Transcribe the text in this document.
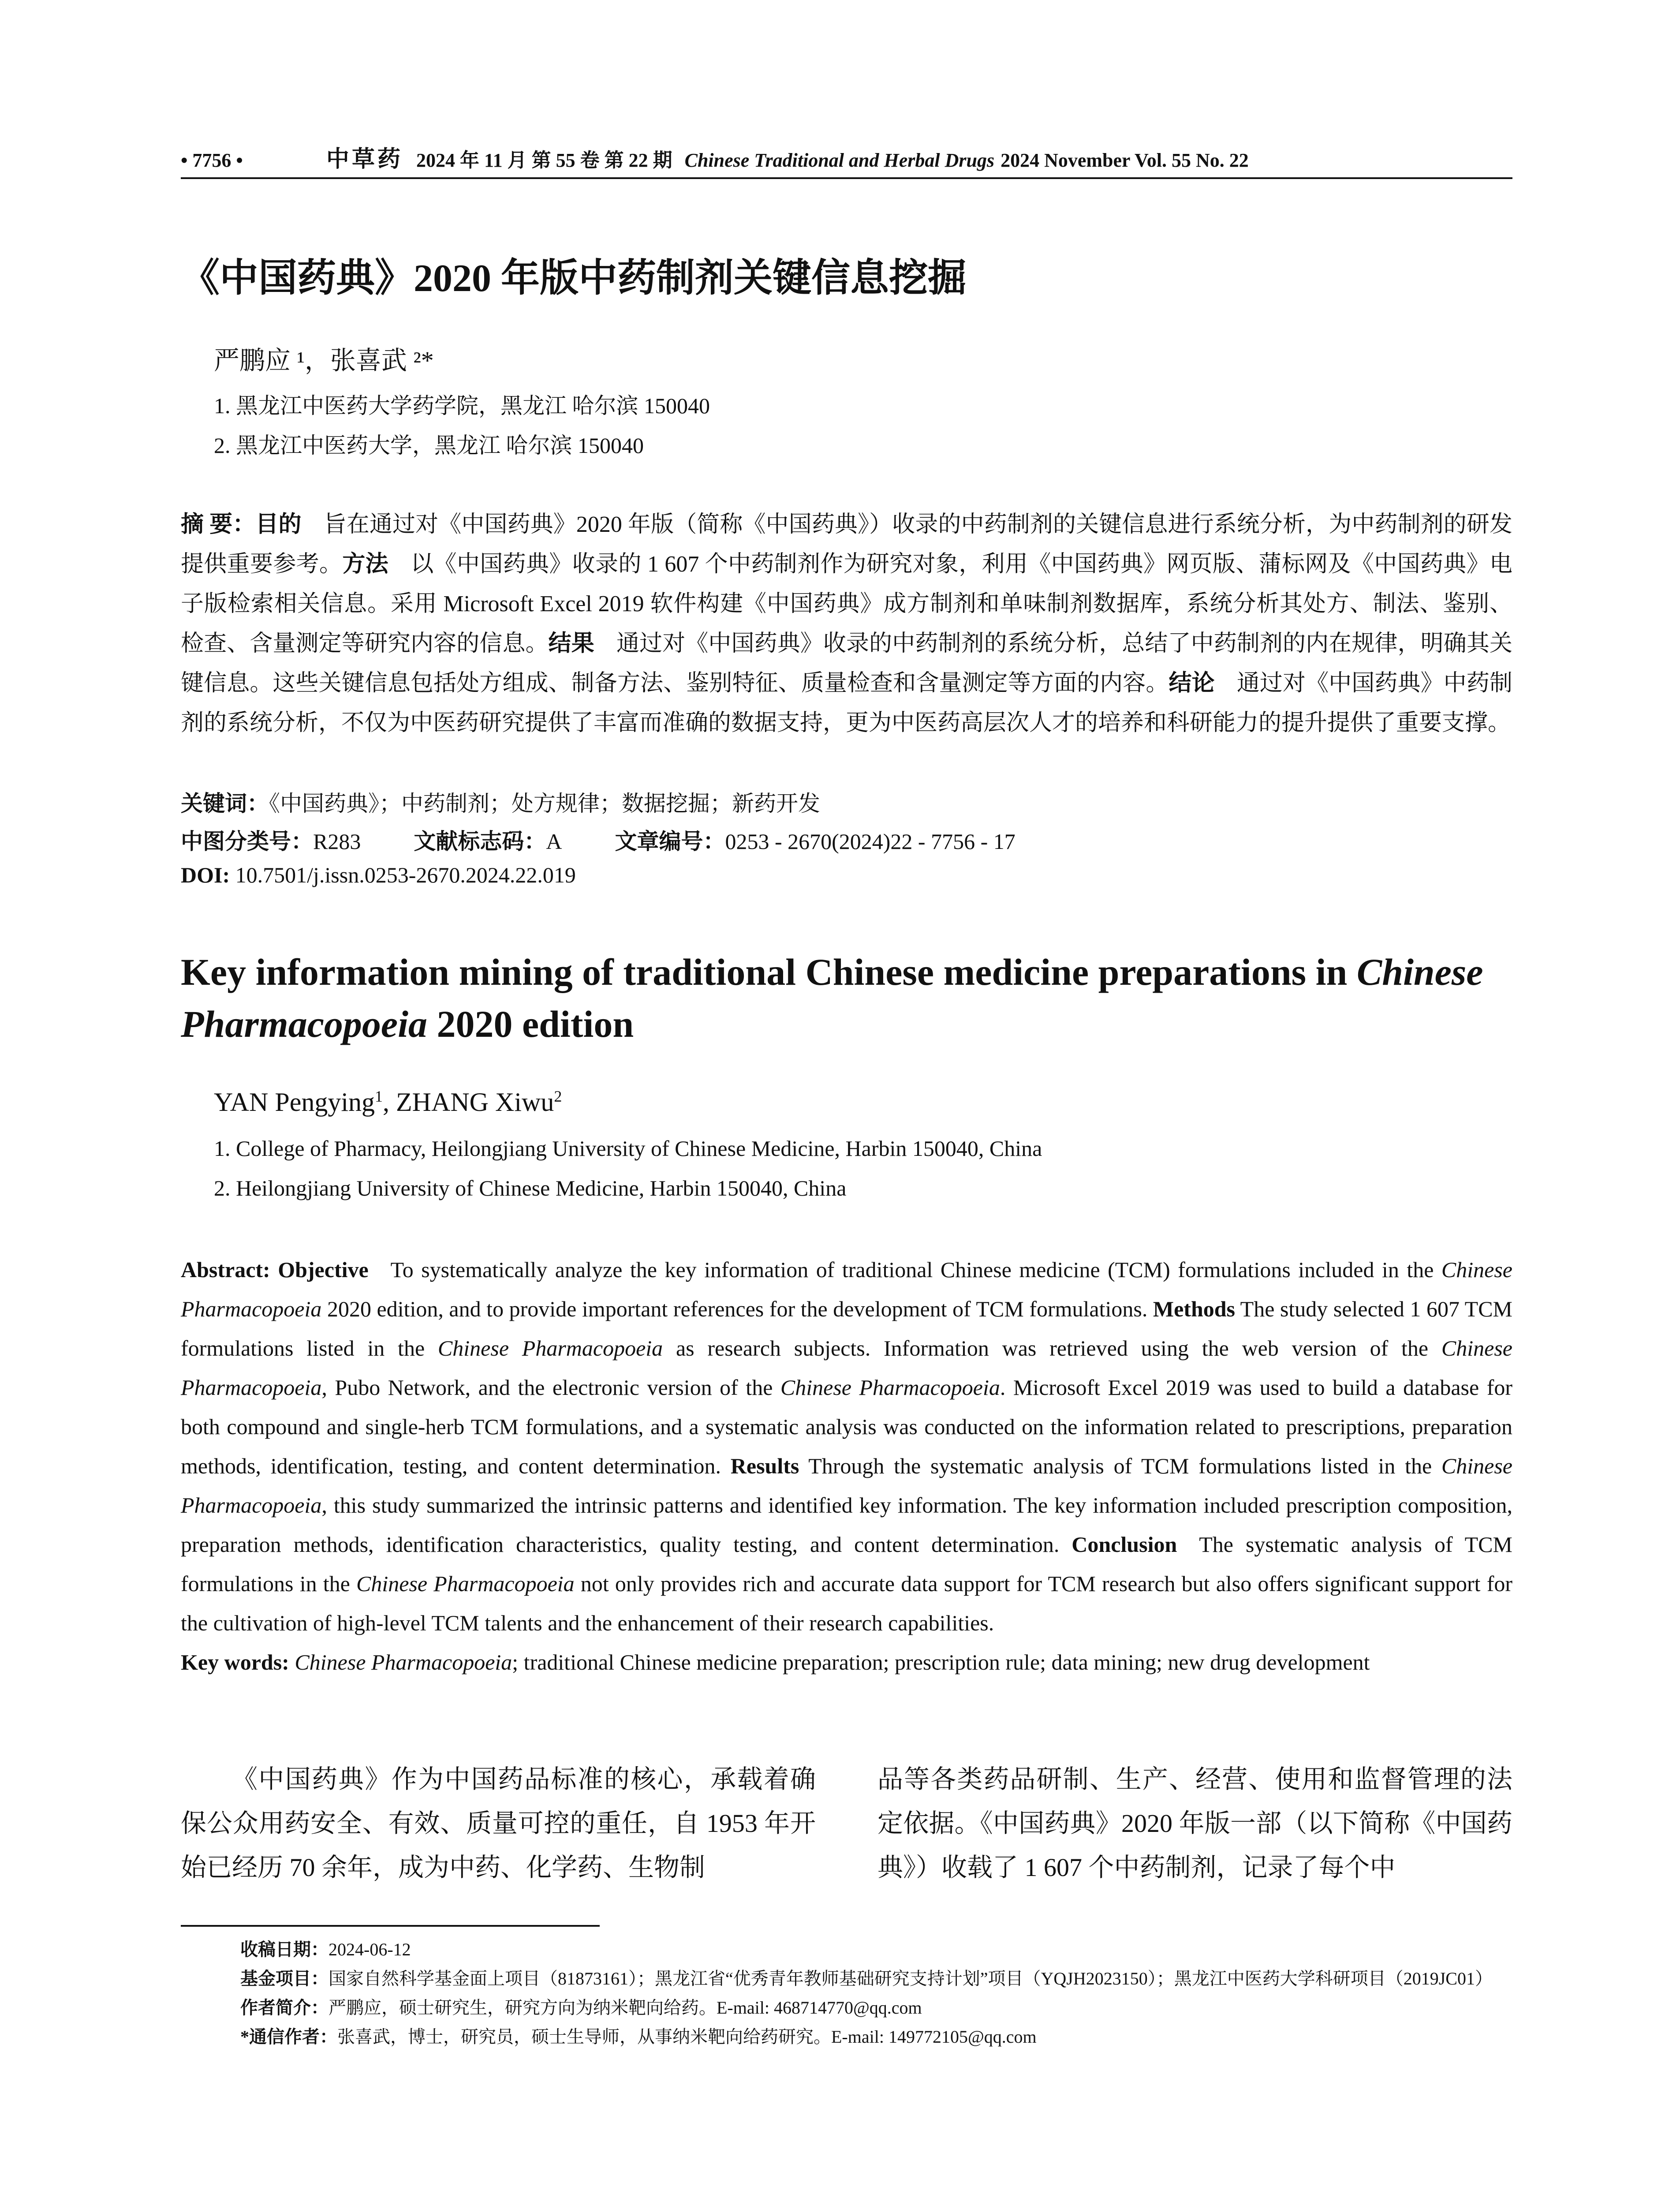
• 7756 •	中草药 2024 年 11 月 第 55 卷 第 22 期 Chinese Traditional and Herbal Drugs 2024 November Vol. 55 No. 22
《中国药典》2020 年版中药制剂关键信息挖掘
严鹏应 ¹，张喜武 ²*
1. 黑龙江中医药大学药学院，黑龙江 哈尔滨 150040
2. 黑龙江中医药大学，黑龙江 哈尔滨 150040
摘 要：目的 旨在通过对《中国药典》2020 年版（简称《中国药典》）收录的中药制剂的关键信息进行系统分析，为中药制剂的研发提供重要参考。方法 以《中国药典》收录的 1 607 个中药制剂作为研究对象，利用《中国药典》网页版、蒲标网及《中国药典》电子版检索相关信息。采用 Microsoft Excel 2019 软件构建《中国药典》成方制剂和单味制剂数据库，系统分析其处方、制法、鉴别、检查、含量测定等研究内容的信息。结果 通过对《中国药典》收录的中药制剂的系统分析，总结了中药制剂的内在规律，明确其关键信息。这些关键信息包括处方组成、制备方法、鉴别特征、质量检查和含量测定等方面的内容。结论 通过对《中国药典》中药制剂的系统分析，不仅为中医药研究提供了丰富而准确的数据支持，更为中医药高层次人才的培养和科研能力的提升提供了重要支撑。
关键词：《中国药典》；中药制剂；处方规律；数据挖掘；新药开发
中图分类号：R283 文献标志码：A 文章编号：0253 - 2670(2024)22 - 7756 - 17
DOI: 10.7501/j.issn.0253-2670.2024.22.019
Key information mining of traditional Chinese medicine preparations in Chinese Pharmacopoeia 2020 edition
YAN Pengying$^1$, ZHANG Xiwu$^2$
1. College of Pharmacy, Heilongjiang University of Chinese Medicine, Harbin 150040, China
2. Heilongjiang University of Chinese Medicine, Harbin 150040, China
Abstract: Objective To systematically analyze the key information of traditional Chinese medicine (TCM) formulations included in the Chinese Pharmacopoeia 2020 edition, and to provide important references for the development of TCM formulations. Methods The study selected 1 607 TCM formulations listed in the Chinese Pharmacopoeia as research subjects. Information was retrieved using the web version of the Chinese Pharmacopoeia, Pubo Network, and the electronic version of the Chinese Pharmacopoeia. Microsoft Excel 2019 was used to build a database for both compound and single-herb TCM formulations, and a systematic analysis was conducted on the information related to prescriptions, preparation methods, identification, testing, and content determination. Results Through the systematic analysis of TCM formulations listed in the Chinese Pharmacopoeia, this study summarized the intrinsic patterns and identified key information. The key information included prescription composition, preparation methods, identification characteristics, quality testing, and content determination. Conclusion The systematic analysis of TCM formulations in the Chinese Pharmacopoeia not only provides rich and accurate data support for TCM research but also offers significant support for the cultivation of high-level TCM talents and the enhancement of their research capabilities.
Key words: Chinese Pharmacopoeia; traditional Chinese medicine preparation; prescription rule; data mining; new drug development
《中国药典》作为中国药品标准的核心，承载着确保公众用药安全、有效、质量可控的重任，自 1953 年开始已经历 70 余年，成为中药、化学药、生物制
品等各类药品研制、生产、经营、使用和监督管理的法定依据。《中国药典》2020 年版一部（以下简称《中国药典》）收载了 1 607 个中药制剂，记录了每个中
收稿日期： 2024-06-12
基金项目： 国家自然科学基金面上项目（81873161）；黑龙江省“优秀青年教师基础研究支持计划”项目（YQJH2023150）；黑龙江中医药大学科研项目（2019JC01）
作者简介： 严鹏应，硕士研究生，研究方向为纳米靶向给药。E-mail: 468714770@qq.com
*通信作者： 张喜武，博士，研究员，硕士生导师，从事纳米靶向给药研究。E-mail: 149772105@qq.com
